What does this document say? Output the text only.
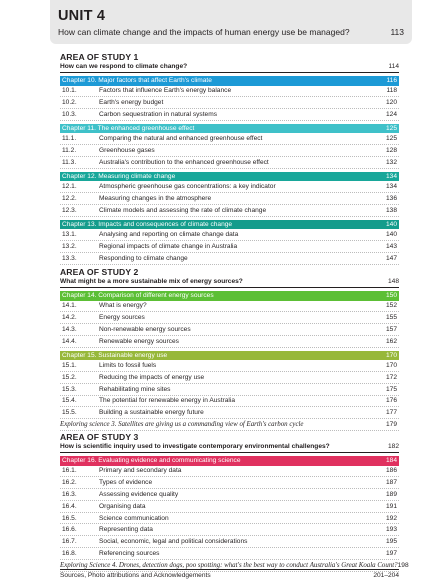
UNIT 4
How can climate change and the impacts of human energy use be managed?	113
AREA OF STUDY 1
How can we respond to climate change?	114
Chapter 10. Major factors that affect Earth's climate	116
10.1.	Factors that influence Earth's energy balance	118
10.2.	Earth's energy budget	120
10.3.	Carbon sequestration in natural systems	124
Chapter 11. The enhanced greenhouse effect	125
11.1.	Comparing the natural and enhanced greenhouse effect	125
11.2.	Greenhouse gases	128
11.3.	Australia's contribution to the enhanced greenhouse effect	132
Chapter 12. Measuring climate change	134
12.1.	Atmospheric greenhouse gas concentrations: a key indicator	134
12.2.	Measuring changes in the atmosphere	136
12.3.	Climate models and assessing the rate of climate change	138
Chapter 13. Impacts and consequences of climate change	140
13.1.	Analysing and reporting on climate change data	140
13.2.	Regional impacts of climate change in Australia	143
13.3.	Responding to climate change	147
AREA OF STUDY 2
What might be a more sustainable mix of energy sources?	148
Chapter 14. Comparison of different energy sources	150
14.1.	What is energy?	152
14.2.	Energy sources	155
14.3.	Non-renewable energy sources	157
14.4.	Renewable energy sources	162
Chapter 15. Sustainable energy use	170
15.1.	Limits to fossil fuels	170
15.2.	Reducing the impacts of energy use	172
15.3.	Rehabilitating mine sites	175
15.4.	The potential for renewable energy in Australia	176
15.5.	Building a sustainable energy future	177
Exploring science 3. Satellites are giving us a commanding view of Earth's carbon cycle	179
AREA OF STUDY 3
How is scientific inquiry used to investigate contemporary environmental challenges?	182
Chapter 16. Evaluating evidence and communicating science	184
16.1.	Primary and secondary data	186
16.2.	Types of evidence	187
16.3.	Assessing evidence quality	189
16.4.	Organising data	191
16.5.	Science communication	192
16.6.	Representing data	193
16.7.	Social, economic, legal and political considerations	195
16.8.	Referencing sources	197
Exploring Science 4. Drones, detection dogs, poo spotting: what's the best way to conduct Australia's Great Koala Count? 198
Sources, Photo attributions and Acknowledgements	201–204
